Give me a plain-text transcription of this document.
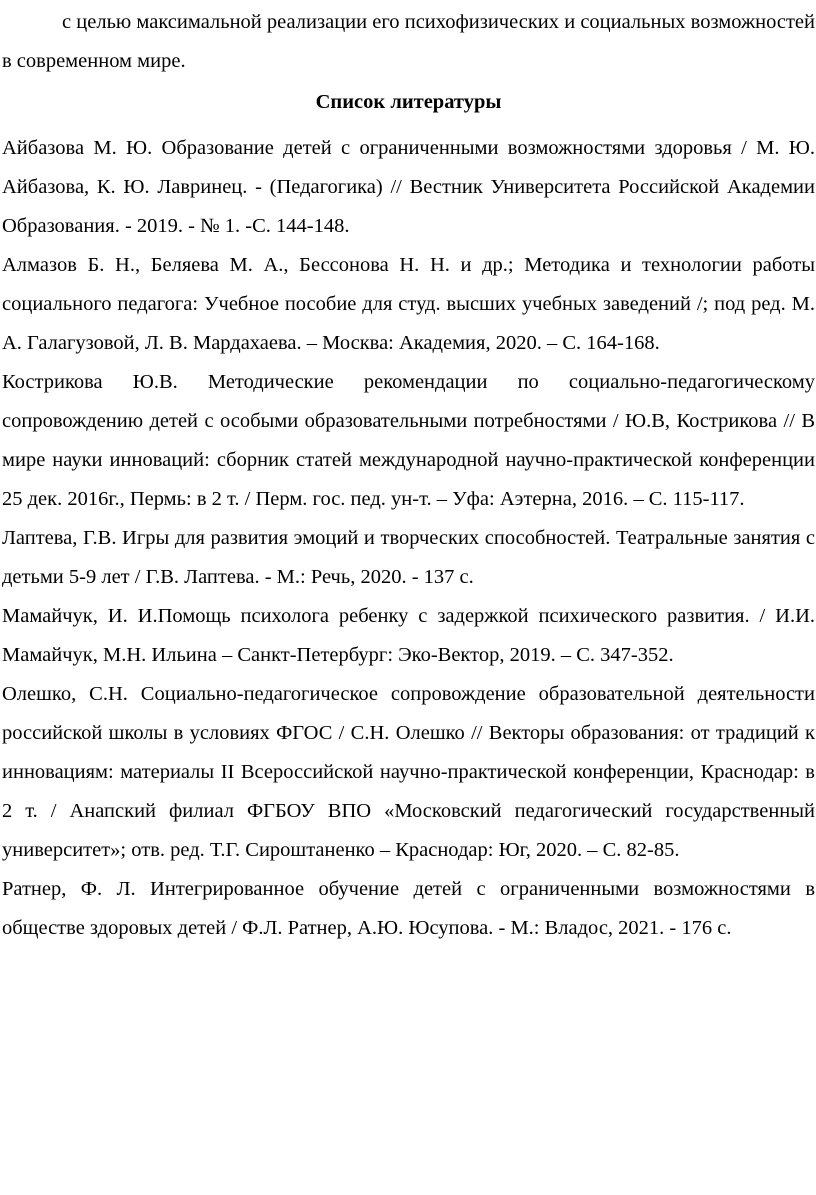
с целью максимальной реализации его психофизических и социальных возможностей в современном мире.

Список литературы

Айбазова М. Ю. Образование детей с ограниченными возможностями здоровья / М. Ю. Айбазова, К. Ю. Лавринец. - (Педагогика) // Вестник Университета Российской Академии Образования. - 2019. - № 1. -С. 144-148.

Алмазов Б. Н., Беляева М. А., Бессонова Н. Н. и др.; Методика и технологии работы социального педагога: Учебное пособие для студ. высших учебных заведений /; под ред. М. А. Галагузовой, Л. В. Мардахаева. – Москва: Академия, 2020. – С. 164-168.

Кострикова Ю.В. Методические рекомендации по социально-педагогическому сопровождению детей с особыми образовательными потребностями / Ю.В, Кострикова // В мире науки инноваций: сборник статей международной научно-практической конференции 25 дек. 2016г., Пермь: в 2 т. / Перм. гос. пед. ун-т. – Уфа: Аэтерна, 2016. – С. 115-117.

Лаптева, Г.В. Игры для развития эмоций и творческих способностей. Театральные занятия с детьми 5-9 лет / Г.В. Лаптева. - М.: Речь, 2020. - 137 с.

Мамайчук, И. И.Помощь психолога ребенку с задержкой психического развития. / И.И. Мамайчук, М.Н. Ильина – Санкт-Петербург: Эко-Вектор, 2019. – С. 347-352.

Олешко, С.Н. Социально-педагогическое сопровождение образовательной деятельности российской школы в условиях ФГОС / С.Н. Олешко // Векторы образования: от традиций к инновациям: материалы II Всероссийской научно-практической конференции, Краснодар: в 2 т. / Анапский филиал ФГБОУ ВПО «Московский педагогический государственный университет»; отв. ред. Т.Г. Сироштаненко – Краснодар: Юг, 2020. – С. 82-85.

Ратнер, Ф. Л. Интегрированное обучение детей с ограниченными возможностями в обществе здоровых детей / Ф.Л. Ратнер, А.Ю. Юсупова. - М.: Владос, 2021. - 176 с.
